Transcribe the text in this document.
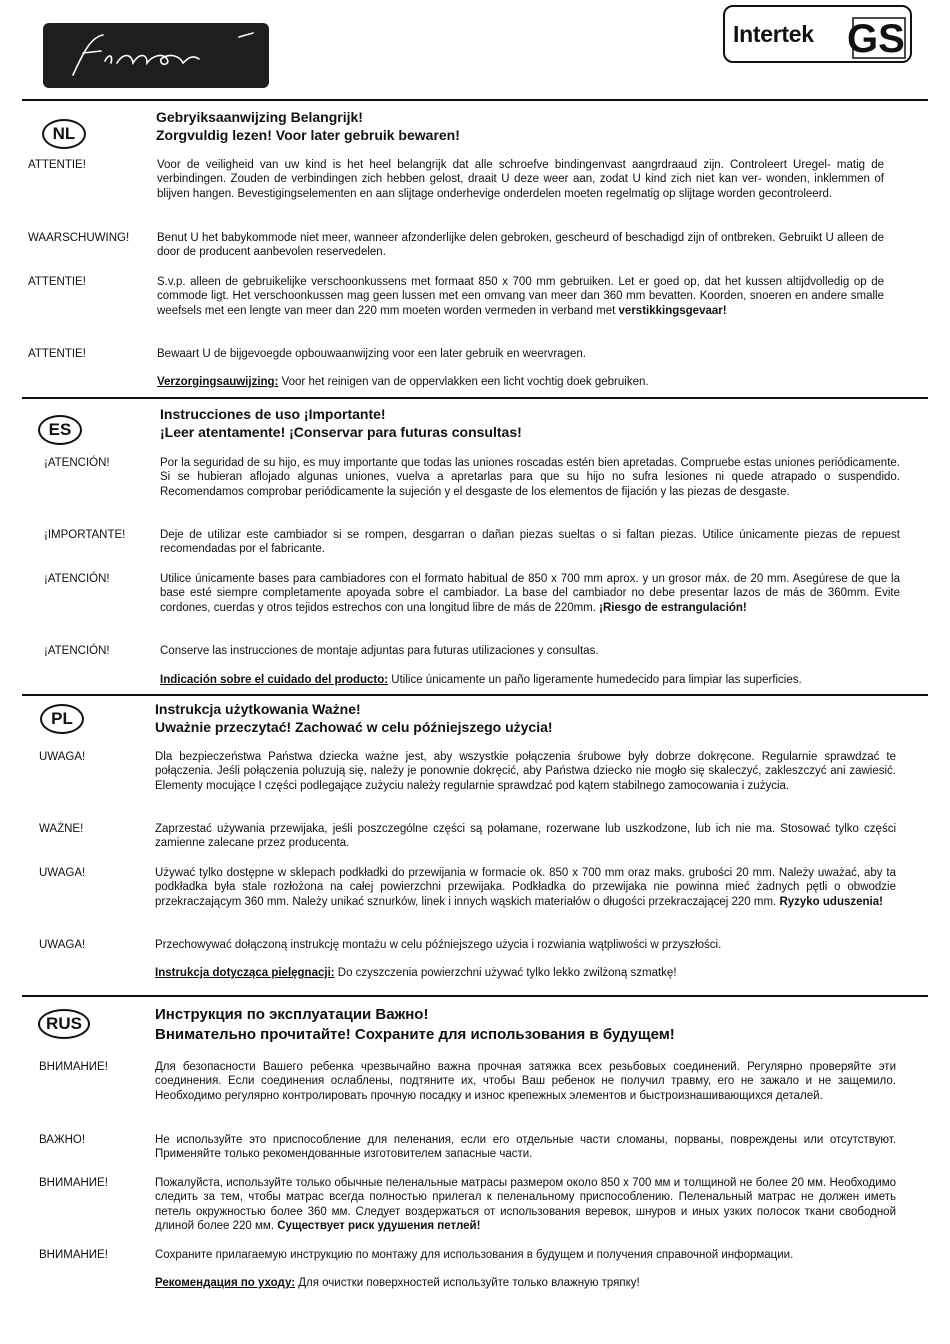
Intertek GS
NL
Gebryiksaanwijzing Belangrijk!
Zorgvuldig lezen! Voor later gebruik bewaren!
ATTENTIE!	Voor de veiligheid van uw kind is het heel belangrijk dat alle schroefve bindingenvast aangrdraaud zijn. Controleert Uregel- matig de verbindingen. Zouden de verbindingen zich hebben gelost, draait U deze weer aan, zodat U kind zich niet kan ver- wonden, inklemmen of blijven hangen. Bevestigingselementen en aan slijtage onderhevige onderdelen moeten regelmatig op slijtage worden gecontroleerd.
WAARSCHUWING! Benut U het babykommode niet meer, wanneer afzonderlijke delen gebroken, gescheurd of beschadigd zijn of ontbreken. Gebruikt U alleen de door de producent aanbevolen reservedelen.
ATTENTIE!	S.v.p. alleen de gebruikelijke verschoonkussens met formaat 850 x 700 mm gebruiken. Let er goed op, dat het kussen altijdvolledig op de commode ligt. Het verschoonkussen mag geen lussen met een omvang van meer dan 360 mm bevatten. Koorden, snoeren en andere smalle weefsels met een lengte van meer dan 220 mm moeten worden vermeden in verband met verstikkingsgevaar!
ATTENTIE!	Bewaart U de bijgevoegde opbouwaanwijzing voor een later gebruik en weervragen.
Verzorgingsauwijzing: Voor het reinigen van de oppervlakken een licht vochtig doek gebruiken.
ES
Instrucciones de uso ¡Importante!
¡Leer atentamente! ¡Conservar para futuras consultas!
¡ATENCIÓN!	Por la seguridad de su hijo, es muy importante que todas las uniones roscadas estén bien apretadas. Compruebe estas uniones periódicamente. Si se hubieran aflojado algunas uniones, vuelva a apretarlas para que su hijo no sufra lesiones ni quede atrapado o suspendido. Recomendamos comprobar periódicamente la sujeción y el desgaste de los elementos de fijación y las piezas de desgaste.
¡IMPORTANTE!	Deje de utilizar este cambiador si se rompen, desgarran o dañan piezas sueltas o si faltan piezas. Utilice únicamente piezas de repuest recomendadas por el fabricante.
¡ATENCIÓN!	Utilice únicamente bases para cambiadores con el formato habitual de 850 x 700 mm aprox. y un grosor máx. de 20 mm. Asegúrese de que la base esté siempre completamente apoyada sobre el cambiador. La base del cambiador no debe presentar lazos de más de 360mm. Evite cordones, cuerdas y otros tejidos estrechos con una longitud libre de más de 220mm. ¡Riesgo de estrangulación!
¡ATENCIÓN!	Conserve las instrucciones de montaje adjuntas para futuras utilizaciones y consultas.
Indicación sobre el cuidado del producto: Utilice únicamente un paño ligeramente humedecido para limpiar las superficies.
PL	Instrukcja użytkowania Ważne!
Uważnie przeczytać! Zachować w celu późniejszego użycia!
UWAGA!	Dla bezpieczeństwa Państwa dziecka ważne jest, aby wszystkie połączenia śrubowe były dobrze dokręcone. Regularnie sprawdzać te połączenia. Jeśli połączenia poluzują się, należy je ponownie dokręcić, aby Państwa dziecko nie mogło się skaleczyć, zakleszczyć ani zawiesić. Elementy mocujące I części podlegające zużyciu należy regularnie sprawdzać pod kątem stabilnego zamocowania i zużycia.
WAŻNE!	Zaprzestać używania przewijaka, jeśli poszczególne części są połamane, rozerwane lub uszkodzone, lub ich nie ma. Stosować tylko części zamienne zalecane przez producenta.
UWAGA!	Używać tylko dostępne w sklepach podkładki do przewijania w formacie ok. 850 x 700 mm oraz maks. grubości 20 mm. Należy uważać, aby ta podkładka była stale rozłożona na całej powierzchni przewijaka. Podkładka do przewijaka nie powinna mieć żadnych pętli o obwodzie przekraczającym 360 mm. Należy unikać sznurków, linek i innych wąskich materiałów o długości przekraczającej 220 mm. Ryzyko uduszenia!
UWAGA!	Przechowywać dołączoną instrukcję montażu w celu późniejszego użycia i rozwiania wątpliwości w przyszłości.
Instrukcja dotycząca pielęgnacji: Do czyszczenia powierzchni używać tylko lekko zwilżoną szmatkę!
RUS	Инструкция по эксплуатации Важно!
Внимательно прочитайте! Сохраните для использования в будущем!
ВНИМАНИЕ!	Для безопасности Вашего ребенка чрезвычайно важна прочная затяжка всех резьбовых соединений. Регулярно проверяйте эти соединения. Если соединения ослаблены, подтяните их, чтобы Ваш ребенок не получил травму, его не зажало и не защемило. Необходимо регулярно контролировать прочную посадку и износ крепежных элементов и быстроизнашивающихся деталей.
ВАЖНО!	Не используйте это приспособление для пеленания, если его отдельные части сломаны, порваны, повреждены или отсутствуют. Применяйте только рекомендованные изготовителем запасные части.
ВНИМАНИЕ!	Пожалуйста, используйте только обычные пеленальные матрасы размером около 850 x 700 мм и толщиной не более 20 мм. Необходимо следить за тем, чтобы матрас всегда полностью прилегал к пеленальному приспособлению. Пеленальный матрас не должен иметь петель окружностью более 360 мм. Следует воздержаться от использования веревок, шнуров и иных узких полосок ткани свободной длиной более 220 мм. Существует риск удушения петлей!
ВНИМАНИЕ!	Сохраните прилагаемую инструкцию по монтажу для использования в будущем и получения справочной информации.
Рекомендация по уходу: Для очистки поверхностей используйте только влажную тряпку!
